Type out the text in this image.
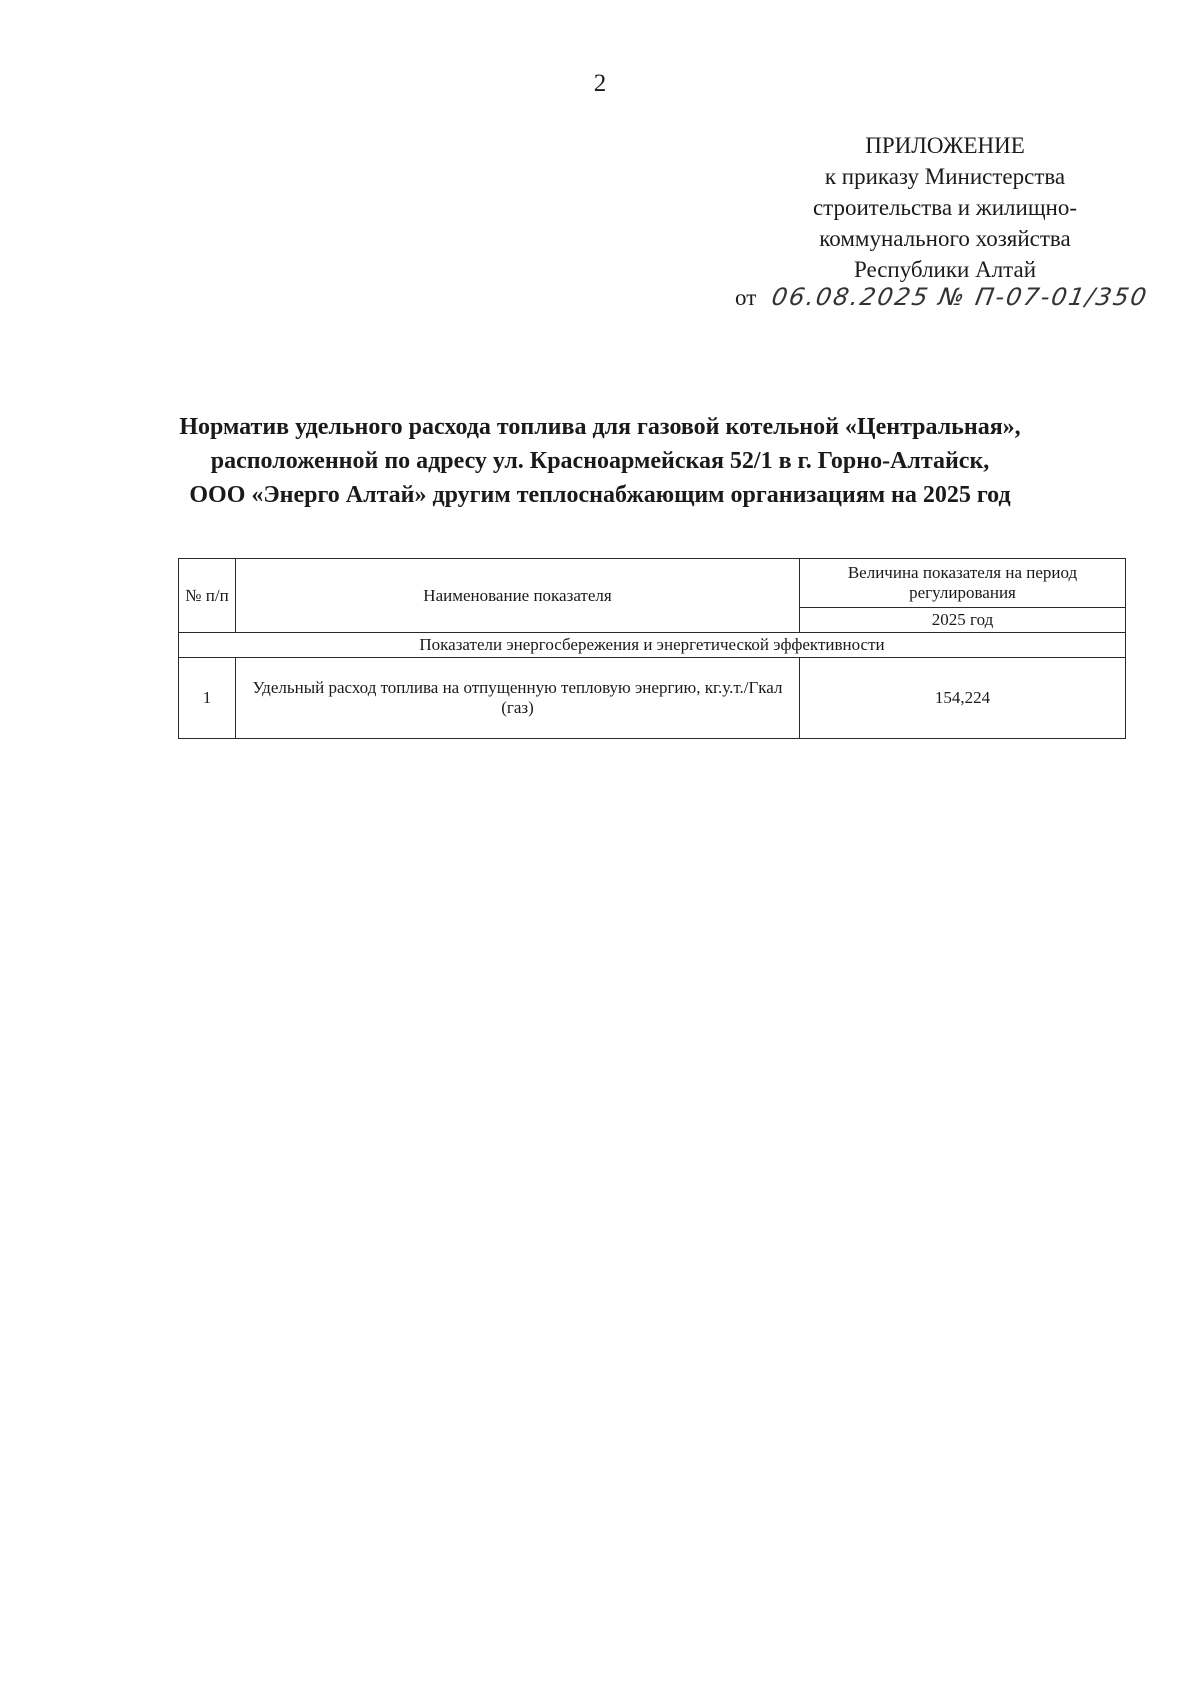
2
ПРИЛОЖЕНИЕ
к приказу Министерства
строительства и жилищно-
коммунального хозяйства
Республики Алтай
от 06.08.2025 № П-07-01/350
Норматив удельного расхода топлива для газовой котельной «Центральная»,
расположенной по адресу ул. Красноармейская 52/1 в г. Горно-Алтайск,
ООО «Энерго Алтай» другим теплоснабжающим организациям на 2025 год
№ п/п	Наименование показателя	Величина показателя на период регулирования
		2025 год
Показатели энергосбережения и энергетической эффективности		
1	Удельный расход топлива на отпущенную тепловую энергию, кг.у.т./Гкал (газ)	154,224
